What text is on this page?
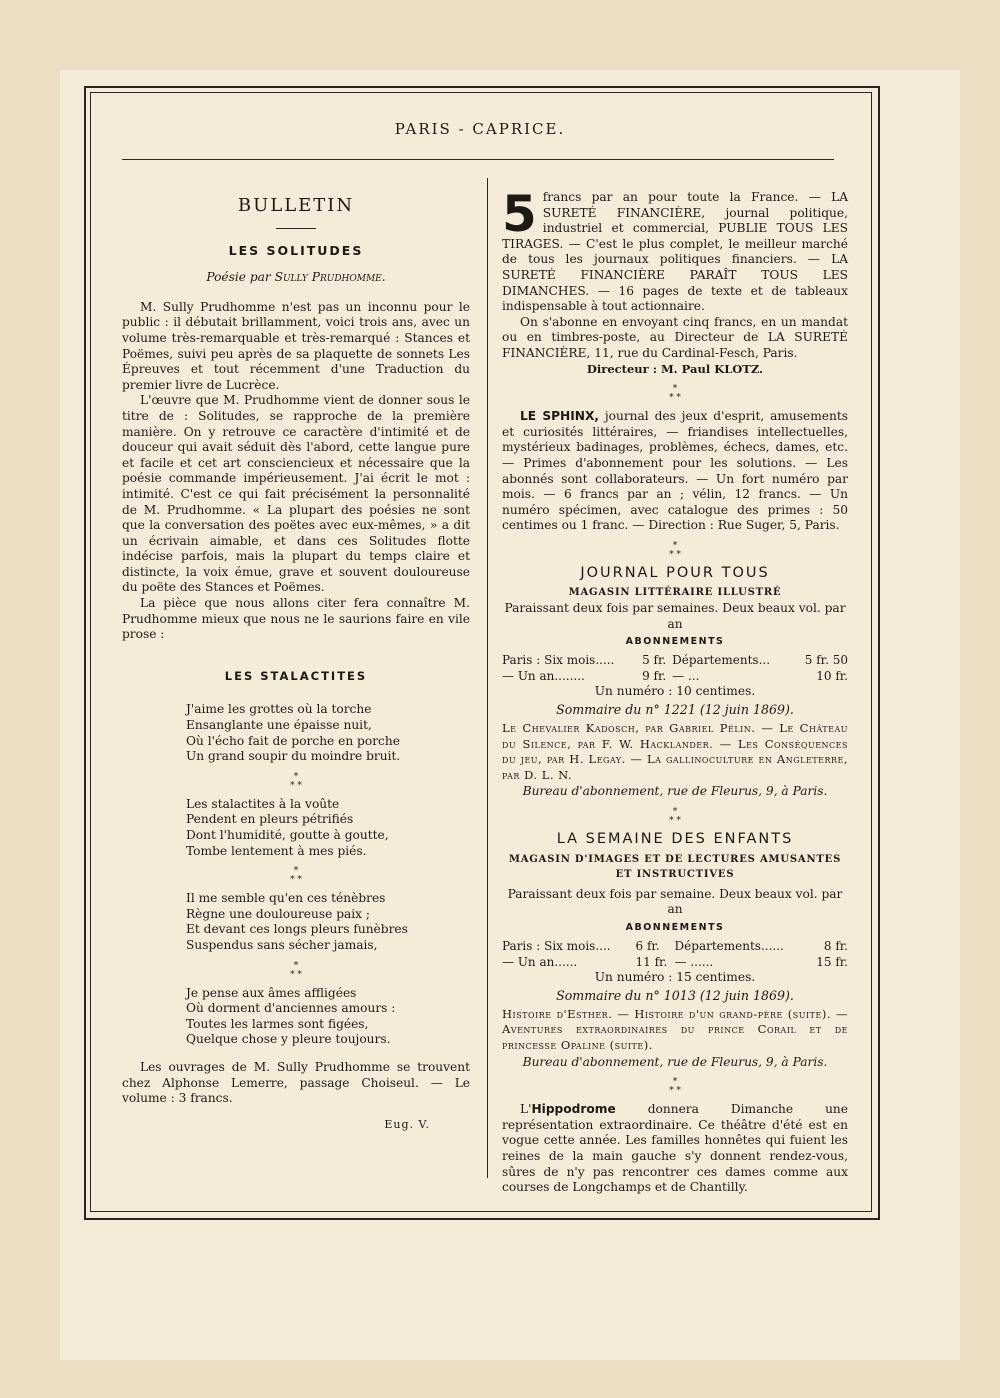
PARIS - CAPRICE.
BULLETIN
LES SOLITUDES
Poésie par Sully Prudhomme.

M. Sully Prudhomme n'est pas un inconnu pour le public : il débutait brillamment, voici trois ans, avec un volume très-remarquable et très-remarqué : Stances et Poëmes, suivi peu après de sa plaquette de sonnets Les Épreuves et tout récemment d'une Traduction du premier livre de Lucrèce.

L'œuvre que M. Prudhomme vient de donner sous le titre de : Solitudes, se rapproche de la première manière. On y retrouve ce caractère d'intimité et de douceur qui avait séduit dès l'abord, cette langue pure et facile et cet art consciencieux et nécessaire que la poésie commande impérieusement. J'ai écrit le mot : intimité. C'est ce qui fait précisément la personnalité de M. Prudhomme. « La plupart des poésies ne sont que la conversation des poëtes avec eux-mêmes, » a dit un écrivain aimable, et dans ces Solitudes flotte indécise parfois, mais la plupart du temps claire et distincte, la voix émue, grave et souvent douloureuse du poëte des Stances et Poëmes.

La pièce que nous allons citer fera connaître M. Prudhomme mieux que nous ne le saurions faire en vile prose :

LES STALACTITES
J'aime les grottes où la torche
Ensanglante une épaisse nuit,
Où l'écho fait de porche en porche
Un grand soupir du moindre bruit.
*
* *
Les stalactites à la voûte
Pendent en pleurs pétrifiés
Dont l'humidité, goutte à goutte,
Tombe lentement à mes piés.
*
* *
Il me semble qu'en ces ténèbres
Règne une douloureuse paix ;
Et devant ces longs pleurs funèbres
Suspendus sans sécher jamais,
*
* *
Je pense aux âmes affligées
Où dorment d'anciennes amours :
Toutes les larmes sont figées,
Quelque chose y pleure toujours.

Les ouvrages de M. Sully Prudhomme se trouvent chez Alphonse Lemerre, passage Choiseul. — Le volume : 3 francs.

Eug. V.
5 francs par an pour toute la France. — LA SURETÉ FINANCIÈRE, journal politique, industriel et commercial, PUBLIE TOUS LES TIRAGES. — C'est le plus complet, le meilleur marché de tous les journaux politiques financiers. — LA SURETÉ FINANCIÈRE PARAÎT TOUS LES DIMANCHES. — 16 pages de texte et de tableaux indispensable à tout actionnaire.

On s'abonne en envoyant cinq francs, en un mandat ou en timbres-poste, au Directeur de LA SURETÉ FINANCIÈRE, 11, rue du Cardinal-Fesch, Paris.

Directeur : M. Paul KLOTZ.

*
* *

LE SPHINX, journal des jeux d'esprit, amusements et curiosités littéraires, — friandises intellectuelles, mystérieux badinages, problèmes, échecs, dames, etc. — Primes d'abonnement pour les solutions. — Les abonnés sont collaborateurs. — Un fort numéro par mois. — 6 francs par an ; vélin, 12 francs. — Un numéro spécimen, avec catalogue des primes : 50 centimes ou 1 franc. — Direction : Rue Suger, 5, Paris.

*
* *
JOURNAL POUR TOUS
MAGASIN LITTÉRAIRE ILLUSTRÉ

Paraissant deux fois par semaines. Deux beaux vol. par an

ABONNEMENTS
Paris : Six mois.....	5 fr.	Départements...	5 fr. 50
— Un an........	9 fr.	— ...	10 fr.

Un numéro : 10 centimes.

Sommaire du n° 1221 (12 juin 1869).

Le Chevalier Kadosch, par Gabriel Pélin. — Le Château du Silence, par F. W. Hacklander. — Les Conséquences du jeu, par H. Legay. — La gallinoculture en Angleterre, par D. L. N.

Bureau d'abonnement, rue de Fleurus, 9, à Paris.
*
* *
LA SEMAINE DES ENFANTS
MAGASIN D'IMAGES ET DE LECTURES AMUSANTES
ET INSTRUCTIVES

Paraissant deux fois par semaine. Deux beaux vol. par an

ABONNEMENTS
Paris : Six mois....	6 fr.	Départements......	8 fr.
— Un an......	11 fr.	— ......	15 fr.

Un numéro : 15 centimes.

Sommaire du n° 1013 (12 juin 1869).

Histoire d'Esther. — Histoire d'un grand-père (suite). — Aventures extraordinaires du prince Corail et de princesse Opaline (suite).

Bureau d'abonnement, rue de Fleurus, 9, à Paris.
*
* *

L'Hippodrome donnera Dimanche une représentation extraordinaire. Ce théâtre d'été est en vogue cette année. Les familles honnêtes qui fuient les reines de la main gauche s'y donnent rendez-vous, sûres de n'y pas rencontrer ces dames comme aux courses de Longchamps et de Chantilly.
